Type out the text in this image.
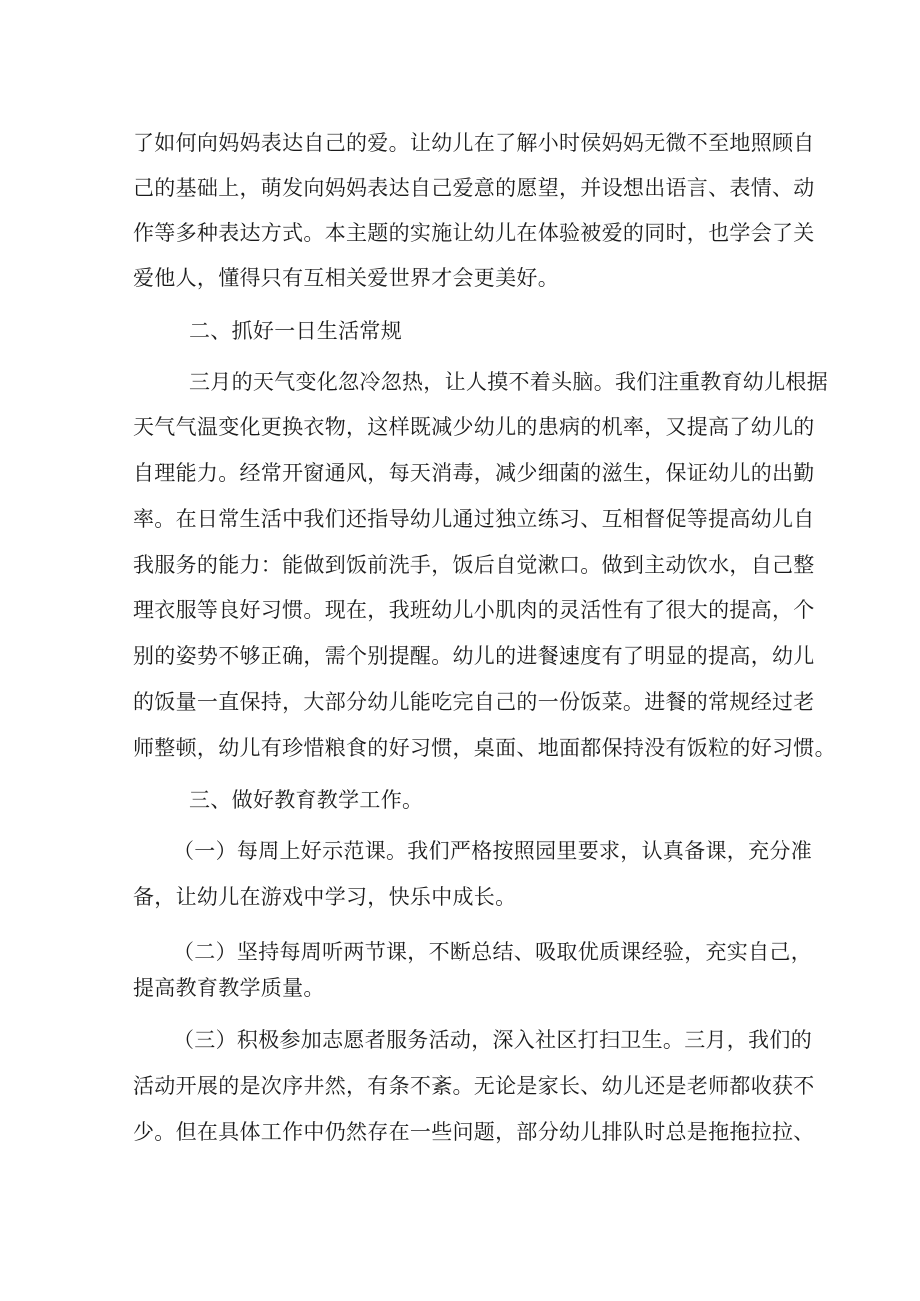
了如何向妈妈表达自己的爱。让幼儿在了解小时侯妈妈无微不至地照顾自
己的基础上，萌发向妈妈表达自己爱意的愿望，并设想出语言、表情、动
作等多种表达方式。本主题的实施让幼儿在体验被爱的同时，也学会了关
爱他人，懂得只有互相关爱世界才会更美好。
二、抓好一日生活常规
三月的天气变化忽冷忽热，让人摸不着头脑。我们注重教育幼儿根据
天气气温变化更换衣物，这样既减少幼儿的患病的机率，又提高了幼儿的
自理能力。经常开窗通风，每天消毒，减少细菌的滋生，保证幼儿的出勤
率。在日常生活中我们还指导幼儿通过独立练习、互相督促等提高幼儿自
我服务的能力：能做到饭前洗手，饭后自觉漱口。做到主动饮水，自己整
理衣服等良好习惯。现在，我班幼儿小肌肉的灵活性有了很大的提高，个
别的姿势不够正确，需个别提醒。幼儿的进餐速度有了明显的提高，幼儿
的饭量一直保持，大部分幼儿能吃完自己的一份饭菜。进餐的常规经过老
师整顿，幼儿有珍惜粮食的好习惯，桌面、地面都保持没有饭粒的好习惯。
三、做好教育教学工作。
（一）每周上好示范课。我们严格按照园里要求，认真备课，充分准
备，让幼儿在游戏中学习，快乐中成长。
（二）坚持每周听两节课，不断总结、吸取优质课经验，充实自己，
提高教育教学质量。
（三）积极参加志愿者服务活动，深入社区打扫卫生。三月，我们的
活动开展的是次序井然，有条不紊。无论是家长、幼儿还是老师都收获不
少。但在具体工作中仍然存在一些问题，部分幼儿排队时总是拖拖拉拉、
